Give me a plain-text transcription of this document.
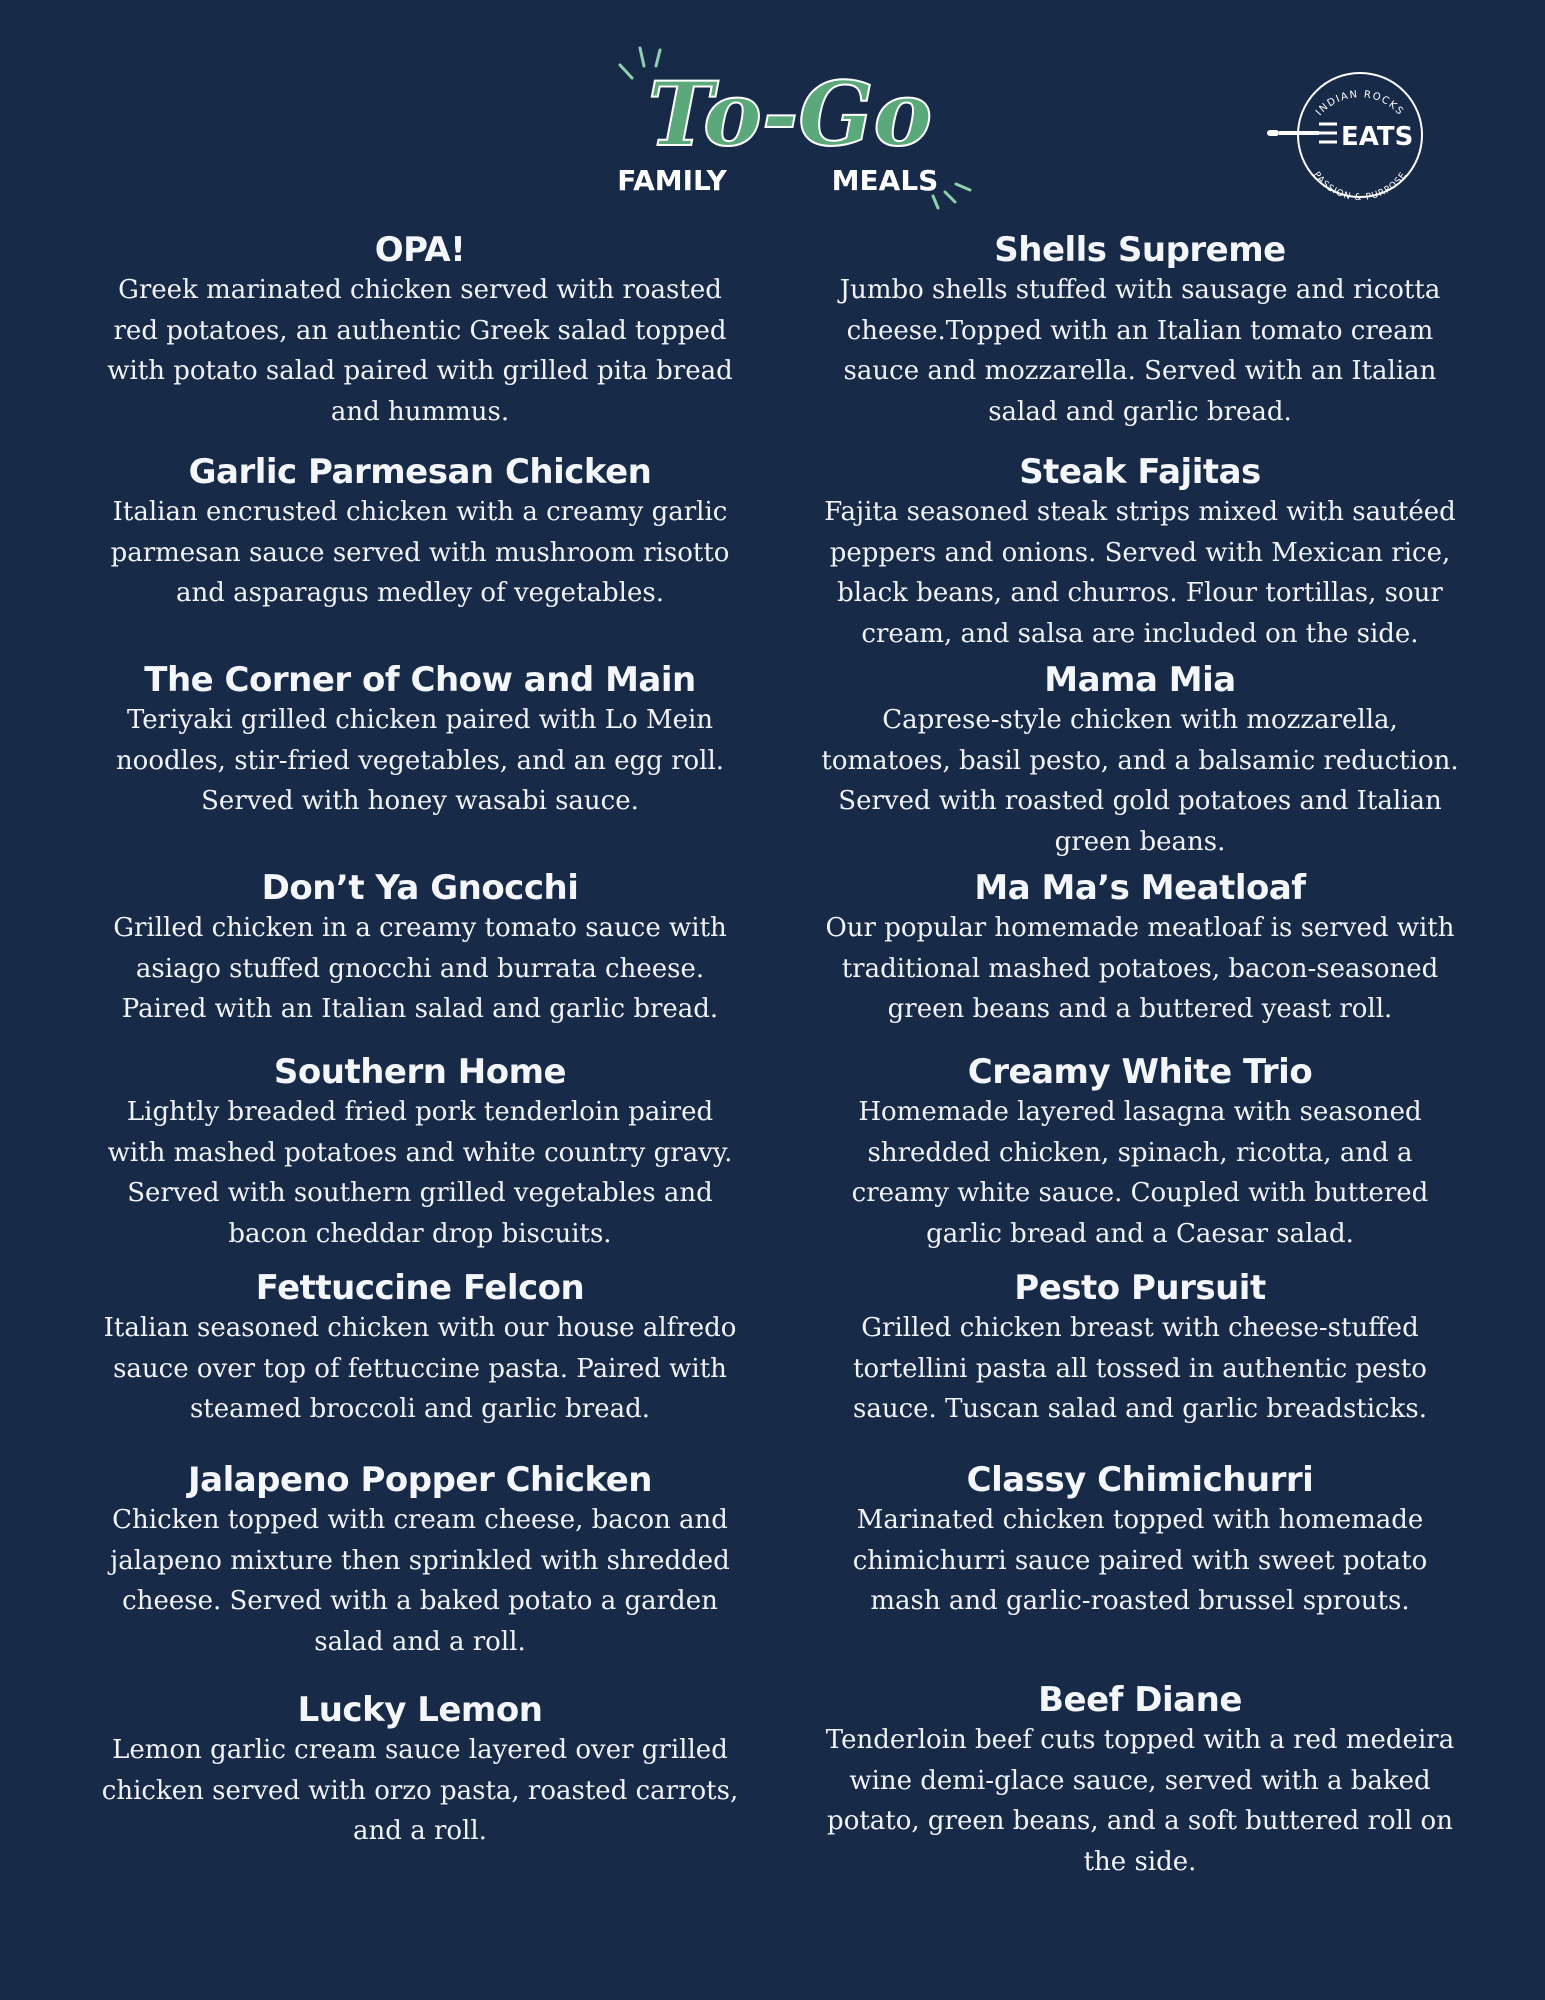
To-Go
FAMILY	MEALS
INDIAN ROCKS
PASSION & PURPOSE
EATS
OPA!
Greek marinated chicken served with roasted red potatoes, an authentic Greek salad topped with potato salad paired with grilled pita bread and hummus.
Garlic Parmesan Chicken
Italian encrusted chicken with a creamy garlic parmesan sauce served with mushroom risotto and asparagus medley of vegetables.
The Corner of Chow and Main
Teriyaki grilled chicken paired with Lo Mein noodles, stir-fried vegetables, and an egg roll. Served with honey wasabi sauce.
Don’t Ya Gnocchi
Grilled chicken in a creamy tomato sauce with asiago stuffed gnocchi and burrata cheese. Paired with an Italian salad and garlic bread.
Southern Home
Lightly breaded fried pork tenderloin paired with mashed potatoes and white country gravy. Served with southern grilled vegetables and bacon cheddar drop biscuits.
Fettuccine Felcon
Italian seasoned chicken with our house alfredo sauce over top of fettuccine pasta. Paired with steamed broccoli and garlic bread.
Jalapeno Popper Chicken
Chicken topped with cream cheese, bacon and jalapeno mixture then sprinkled with shredded cheese. Served with a baked potato a garden salad and a roll.
Lucky Lemon
Lemon garlic cream sauce layered over grilled chicken served with orzo pasta, roasted carrots, and a roll.
Shells Supreme
Jumbo shells stuffed with sausage and ricotta cheese.Topped with an Italian tomato cream sauce and mozzarella. Served with an Italian salad and garlic bread.
Steak Fajitas
Fajita seasoned steak strips mixed with sautéed peppers and onions. Served with Mexican rice, black beans, and churros. Flour tortillas, sour cream, and salsa are included on the side.
Mama Mia
Caprese-style chicken with mozzarella, tomatoes, basil pesto, and a balsamic reduction. Served with roasted gold potatoes and Italian green beans.
Ma Ma’s Meatloaf
Our popular homemade meatloaf is served with traditional mashed potatoes, bacon-seasoned green beans and a buttered yeast roll.
Creamy White Trio
Homemade layered lasagna with seasoned shredded chicken, spinach, ricotta, and a creamy white sauce. Coupled with buttered garlic bread and a Caesar salad.
Pesto Pursuit
Grilled chicken breast with cheese-stuffed tortellini pasta all tossed in authentic pesto sauce. Tuscan salad and garlic breadsticks.
Classy Chimichurri
Marinated chicken topped with homemade chimichurri sauce paired with sweet potato mash and garlic-roasted brussel sprouts.
Beef Diane
Tenderloin beef cuts topped with a red medeira wine demi-glace sauce, served with a baked potato, green beans, and a soft buttered roll on the side.
